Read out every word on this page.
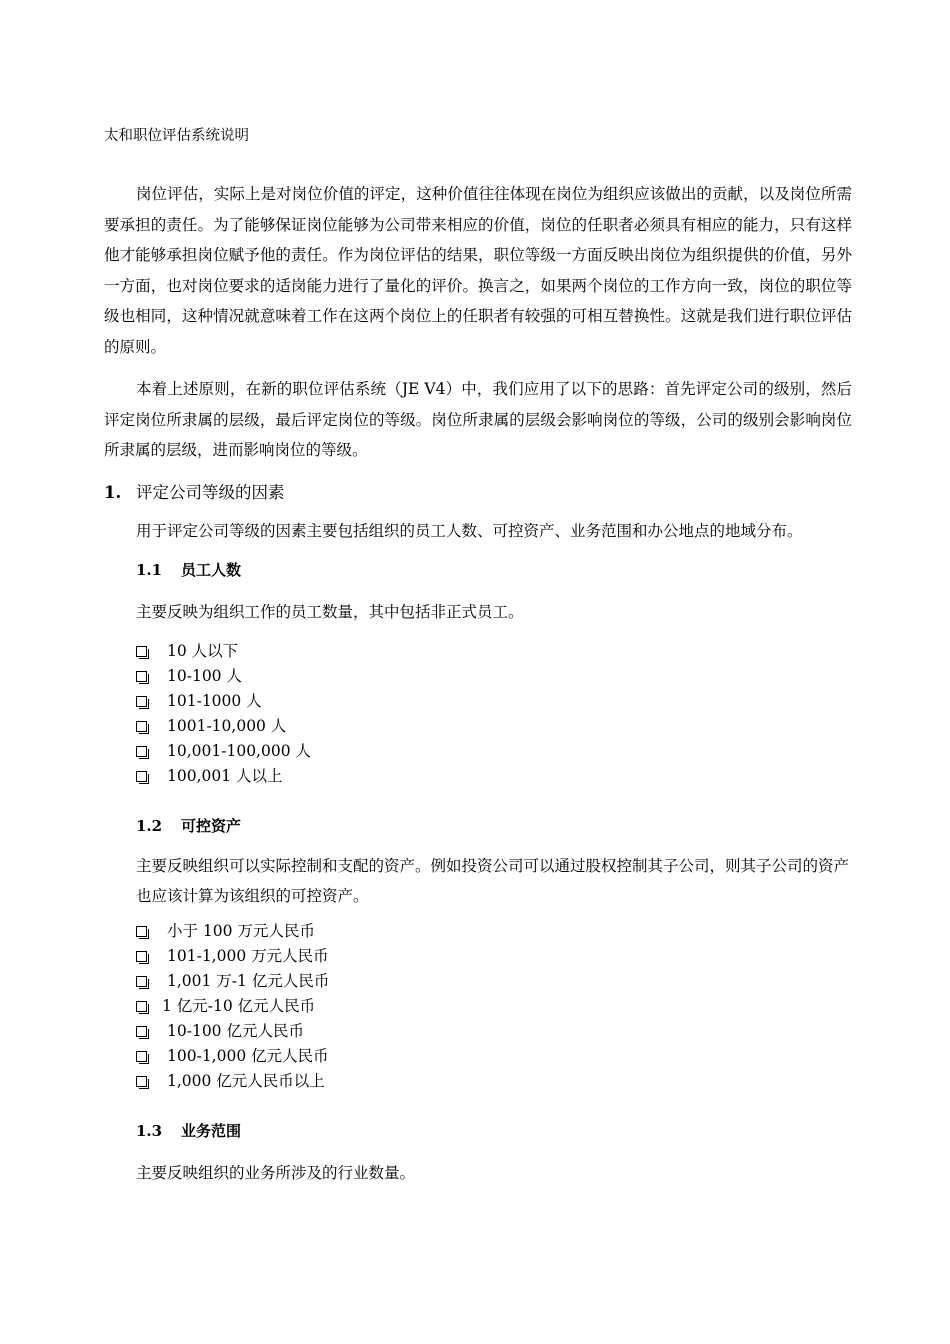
太和职位评估系统说明

岗位评估，实际上是对岗位价值的评定，这种价值往往体现在岗位为组织应该做出的贡献，以及岗位所需要承担的责任。为了能够保证岗位能够为公司带来相应的价值，岗位的任职者必须具有相应的能力，只有这样他才能够承担岗位赋予他的责任。作为岗位评估的结果，职位等级一方面反映出岗位为组织提供的价值，另外一方面，也对岗位要求的适岗能力进行了量化的评价。换言之，如果两个岗位的工作方向一致，岗位的职位等级也相同，这种情况就意味着工作在这两个岗位上的任职者有较强的可相互替换性。这就是我们进行职位评估的原则。

本着上述原则，在新的职位评估系统（JE V4）中，我们应用了以下的思路：首先评定公司的级别，然后评定岗位所隶属的层级，最后评定岗位的等级。岗位所隶属的层级会影响岗位的等级，公司的级别会影响岗位所隶属的层级，进而影响岗位的等级。

1. 评定公司等级的因素

用于评定公司等级的因素主要包括组织的员工人数、可控资产、业务范围和办公地点的地域分布。

1.1	员工人数

主要反映为组织工作的员工数量，其中包括非正式员工。

10 人以下
10-100 人
101-1000 人
1001-10,000 人
10,001-100,000 人
100,001 人以上
1.2	可控资产

主要反映组织可以实际控制和支配的资产。例如投资公司可以通过股权控制其子公司，则其子公司的资产也应该计算为该组织的可控资产。

小于 100 万元人民币
101-1,000 万元人民币
1,001 万-1 亿元人民币
1 亿元-10 亿元人民币
10-100 亿元人民币
100-1,000 亿元人民币
1,000 亿元人民币以上
1.3	业务范围

主要反映组织的业务所涉及的行业数量。
